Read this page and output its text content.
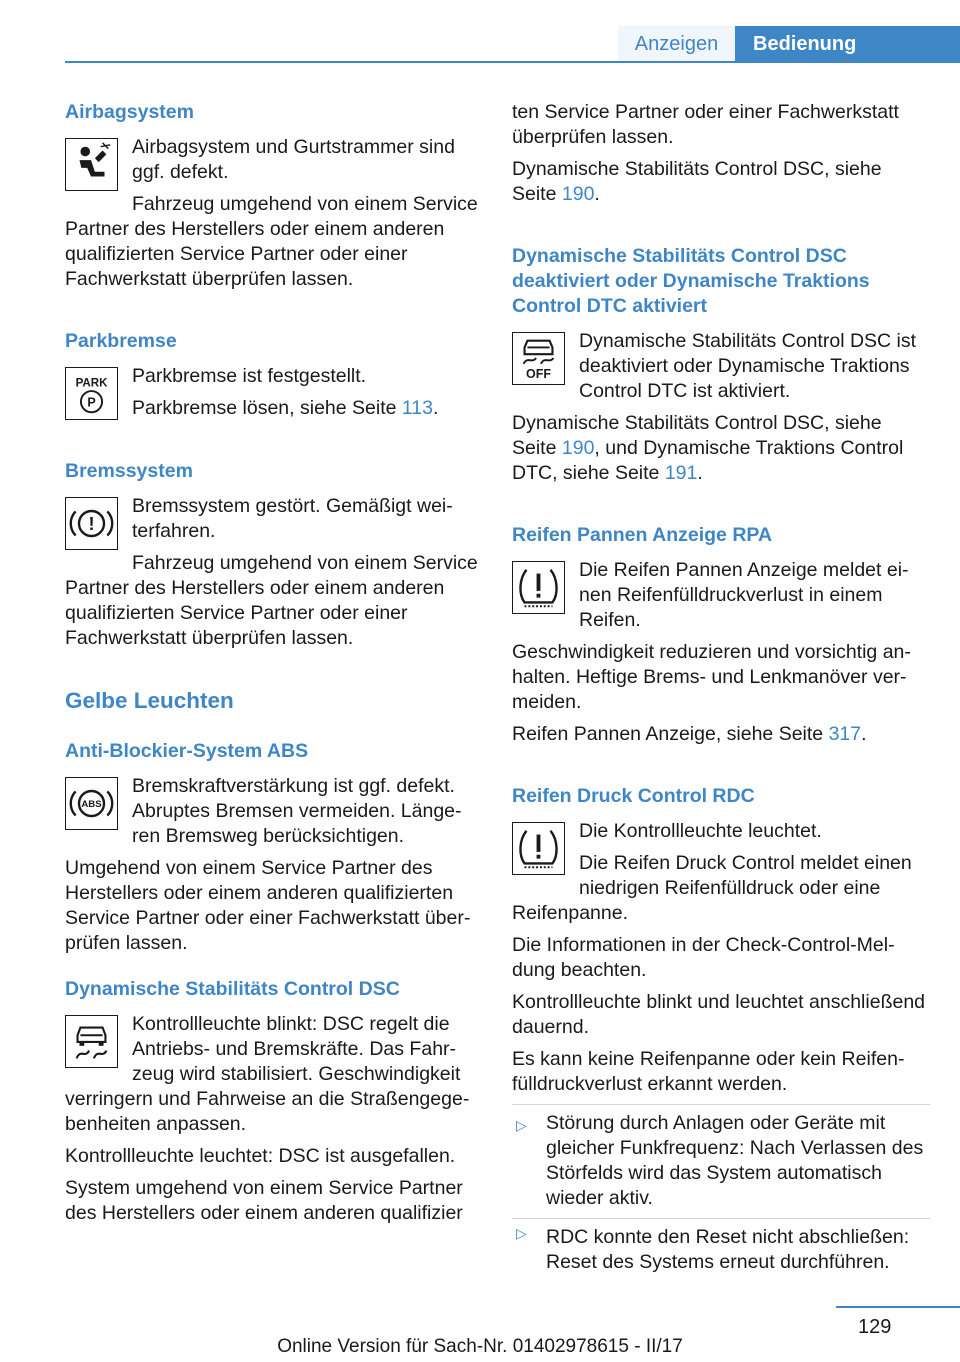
Anzeigen	Bedienung
Airbagsystem

Airbagsystem und Gurtstrammer sind ggf. defekt.

Fahrzeug umgehend von einem Service Partner des Herstellers oder einem anderen qualifizierten Service Partner oder einer Fachwerkstatt überprüfen lassen.

Parkbremse
PARK
P

Parkbremse ist festgestellt.

Parkbremse lösen, siehe Seite 113.

Bremssystem
!

Bremssystem gestört. Gemäßigt weiterfahren.

Fahrzeug umgehend von einem Service Partner des Herstellers oder einem anderen qualifizierten Service Partner oder einer Fachwerkstatt überprüfen lassen.

Gelbe Leuchten
Anti-Blockier-System ABS
ABS

Bremskraftverstärkung ist ggf. defekt. Abruptes Bremsen vermeiden. Längeren Bremsweg berücksichtigen.

Umgehend von einem Service Partner des Herstellers oder einem anderen qualifizierten Service Partner oder einer Fachwerkstatt überprüfen lassen.

Dynamische Stabilitäts Control DSC

Kontrollleuchte blinkt: DSC regelt die Antriebs- und Bremskräfte. Das Fahrzeug wird stabilisiert. Geschwindigkeit verringern und Fahrweise an die Straßengegebenheiten anpassen.

Kontrollleuchte leuchtet: DSC ist ausgefallen.

System umgehend von einem Service Partner des Herstellers oder einem anderen qualifizier

ten Service Partner oder einer Fachwerkstatt überprüfen lassen.

Dynamische Stabilitäts Control DSC, siehe Seite 190.

Dynamische Stabilitäts Control DSC deaktiviert oder Dynamische Traktions Control DTC aktiviert
OFF

Dynamische Stabilitäts Control DSC ist deaktiviert oder Dynamische Traktions Control DTC ist aktiviert.

Dynamische Stabilitäts Control DSC, siehe Seite 190, und Dynamische Traktions Control DTC, siehe Seite 191.

Reifen Pannen Anzeige RPA

Die Reifen Pannen Anzeige meldet einen Reifenfülldruckverlust in einem Reifen.

Geschwindigkeit reduzieren und vorsichtig anhalten. Heftige Brems- und Lenkmanöver vermeiden.

Reifen Pannen Anzeige, siehe Seite 317.

Reifen Druck Control RDC

Die Kontrollleuchte leuchtet.

Die Reifen Druck Control meldet einen niedrigen Reifenfülldruck oder eine Reifenpanne.

Die Informationen in der Check-Control-Meldung beachten.

Kontrollleuchte blinkt und leuchtet anschließend dauernd.

Es kann keine Reifenpanne oder kein Reifenfülldruckverlust erkannt werden.

▷ Störung durch Anlagen oder Geräte mit gleicher Funkfrequenz: Nach Verlassen des Störfelds wird das System automatisch wieder aktiv.
▷ RDC konnte den Reset nicht abschließen: Reset des Systems erneut durchführen.
129
Online Version für Sach-Nr. 01402978615 - II/17
